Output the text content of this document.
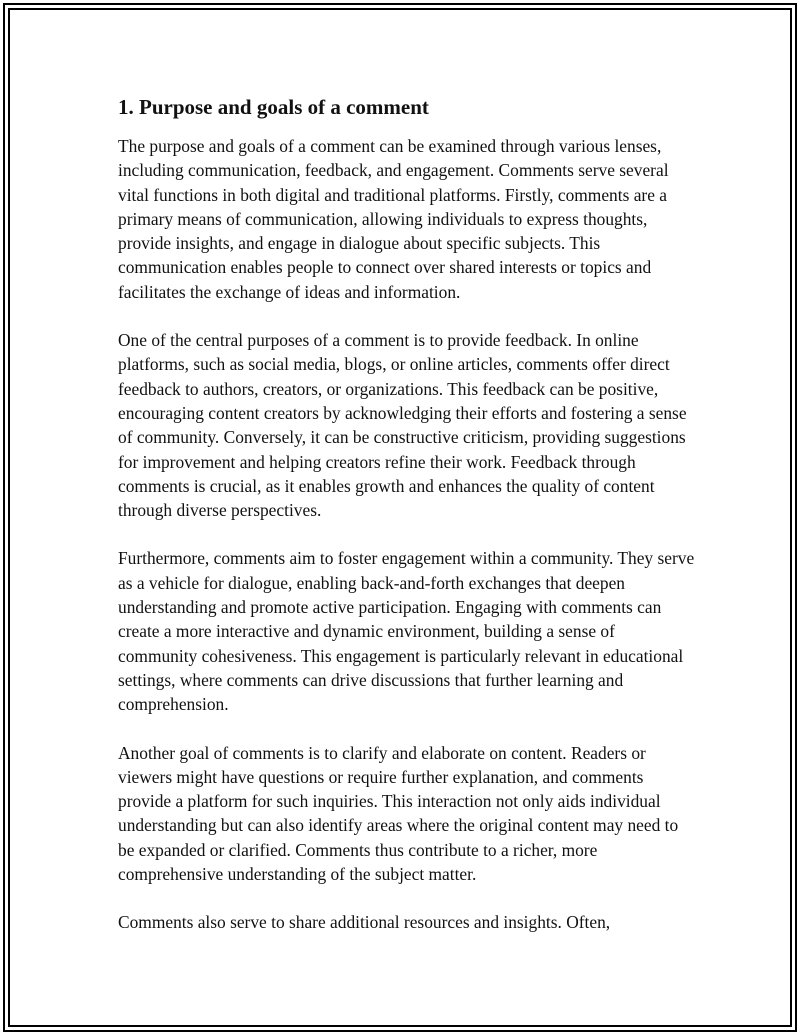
1. Purpose and goals of a comment

The purpose and goals of a comment can be examined through various lenses, including communication, feedback, and engagement. Comments serve several vital functions in both digital and traditional platforms. Firstly, comments are a primary means of communication, allowing individuals to express thoughts, provide insights, and engage in dialogue about specific subjects. This communication enables people to connect over shared interests or topics and facilitates the exchange of ideas and information.

One of the central purposes of a comment is to provide feedback. In online platforms, such as social media, blogs, or online articles, comments offer direct feedback to authors, creators, or organizations. This feedback can be positive, encouraging content creators by acknowledging their efforts and fostering a sense of community. Conversely, it can be constructive criticism, providing suggestions for improvement and helping creators refine their work. Feedback through comments is crucial, as it enables growth and enhances the quality of content through diverse perspectives.

Furthermore, comments aim to foster engagement within a community. They serve as a vehicle for dialogue, enabling back-and-forth exchanges that deepen understanding and promote active participation. Engaging with comments can create a more interactive and dynamic environment, building a sense of community cohesiveness. This engagement is particularly relevant in educational settings, where comments can drive discussions that further learning and comprehension.

Another goal of comments is to clarify and elaborate on content. Readers or viewers might have questions or require further explanation, and comments provide a platform for such inquiries. This interaction not only aids individual understanding but can also identify areas where the original content may need to be expanded or clarified. Comments thus contribute to a richer, more comprehensive understanding of the subject matter.

Comments also serve to share additional resources and insights. Often,
